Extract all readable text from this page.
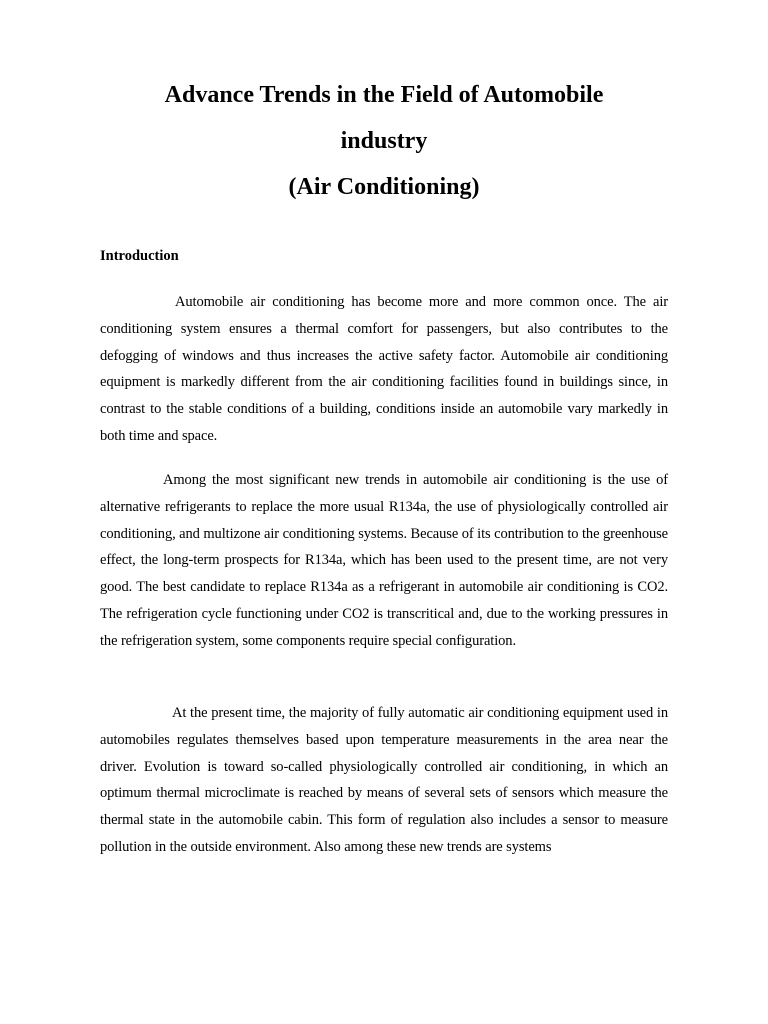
Advance Trends in the Field of Automobile

industry

(Air Conditioning)

Introduction

Automobile air conditioning has become more and more common once. The air conditioning system ensures a thermal comfort for passengers, but also contributes to the defogging of windows and thus increases the active safety factor. Automobile air conditioning equipment is markedly different from the air conditioning facilities found in buildings since, in contrast to the stable conditions of a building, conditions inside an automobile vary markedly in both time and space.

Among the most significant new trends in automobile air conditioning is the use of alternative refrigerants to replace the more usual R134a, the use of physiologically controlled air conditioning, and multizone air conditioning systems. Because of its contribution to the greenhouse effect, the long-term prospects for R134a, which has been used to the present time, are not very good. The best candidate to replace R134a as a refrigerant in automobile air conditioning is CO2. The refrigeration cycle functioning under CO2 is transcritical and, due to the working pressures in the refrigeration system, some components require special configuration.

At the present time, the majority of fully automatic air conditioning equipment used in automobiles regulates themselves based upon temperature measurements in the area near the driver. Evolution is toward so-called physiologically controlled air conditioning, in which an optimum thermal microclimate is reached by means of several sets of sensors which measure the thermal state in the automobile cabin. This form of regulation also includes a sensor to measure pollution in the outside environment. Also among these new trends are systems
